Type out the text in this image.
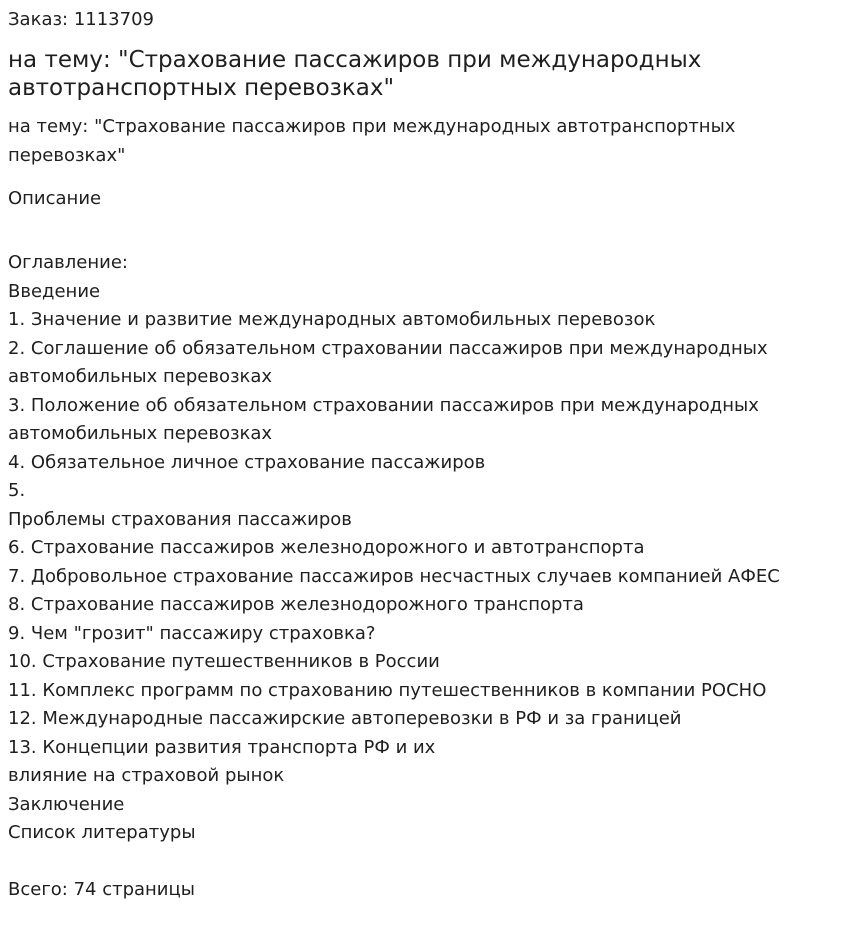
Заказ: 1113709

на тему: "Страхование пассажиров при международных автотранспортных перевозках"

на тему: "Страхование пассажиров при международных автотранспортных перевозках"

Описание

Оглавление:
Введение
1. Значение и развитие международных автомобильных перевозок
2. Соглашение об обязательном страховании пассажиров при международных автомобильных перевозках
3. Положение об обязательном страховании пассажиров при международных автомобильных перевозках
4. Обязательное личное страхование пассажиров
5.
Проблемы страхования пассажиров
6. Страхование пассажиров железнодорожного и автотранспорта
7. Добровольное страхование пассажиров несчастных случаев компанией АФЕС
8. Страхование пассажиров железнодорожного транспорта
9. Чем "грозит" пассажиру страховка?
10. Страхование путешественников в России
11. Комплекс программ по страхованию путешественников в компании РОСНО
12. Международные пассажирские автоперевозки в РФ и за границей
13. Концепции развития транспорта РФ и их
влияние на страховой рынок
Заключение
Список литературы

Всего: 74 страницы
